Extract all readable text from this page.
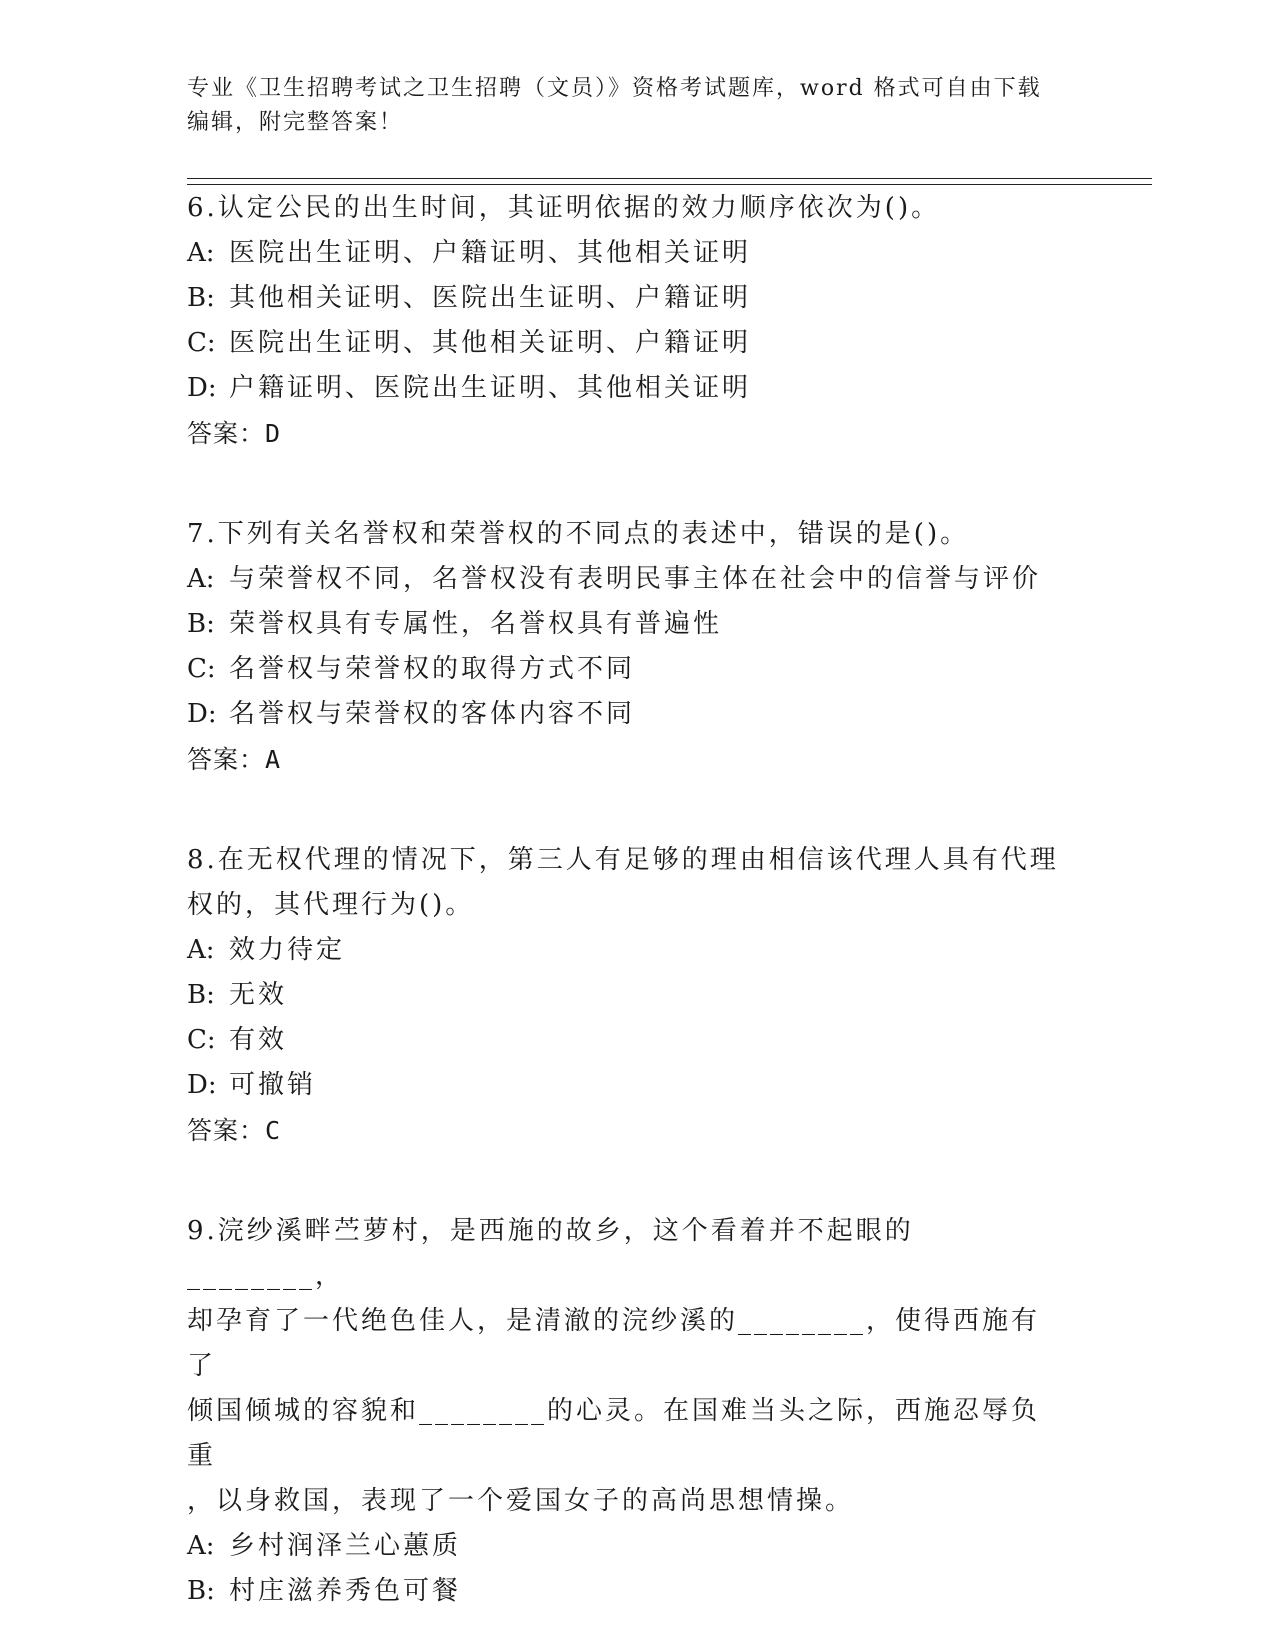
专业《卫生招聘考试之卫生招聘（文员）》资格考试题库，word 格式可自由下载
编辑，附完整答案！

6.认定公民的出生时间，其证明依据的效力顺序依次为()。

A: 医院出生证明、户籍证明、其他相关证明

B: 其他相关证明、医院出生证明、户籍证明

C: 医院出生证明、其他相关证明、户籍证明

D: 户籍证明、医院出生证明、其他相关证明

答案：D

7.下列有关名誉权和荣誉权的不同点的表述中，错误的是()。

A: 与荣誉权不同，名誉权没有表明民事主体在社会中的信誉与评价

B: 荣誉权具有专属性，名誉权具有普遍性

C: 名誉权与荣誉权的取得方式不同

D: 名誉权与荣誉权的客体内容不同

答案：A

8.在无权代理的情况下，第三人有足够的理由相信该代理人具有代理

权的，其代理行为()。

A: 效力待定

B: 无效

C: 有效

D: 可撤销

答案：C

9.浣纱溪畔苎萝村，是西施的故乡，这个看着并不起眼的________，

却孕育了一代绝色佳人，是清澈的浣纱溪的________，使得西施有了

倾国倾城的容貌和________的心灵。在国难当头之际，西施忍辱负重

，以身救国，表现了一个爱国女子的高尚思想情操。

A: 乡村润泽兰心蕙质

B: 村庄滋养秀色可餐
